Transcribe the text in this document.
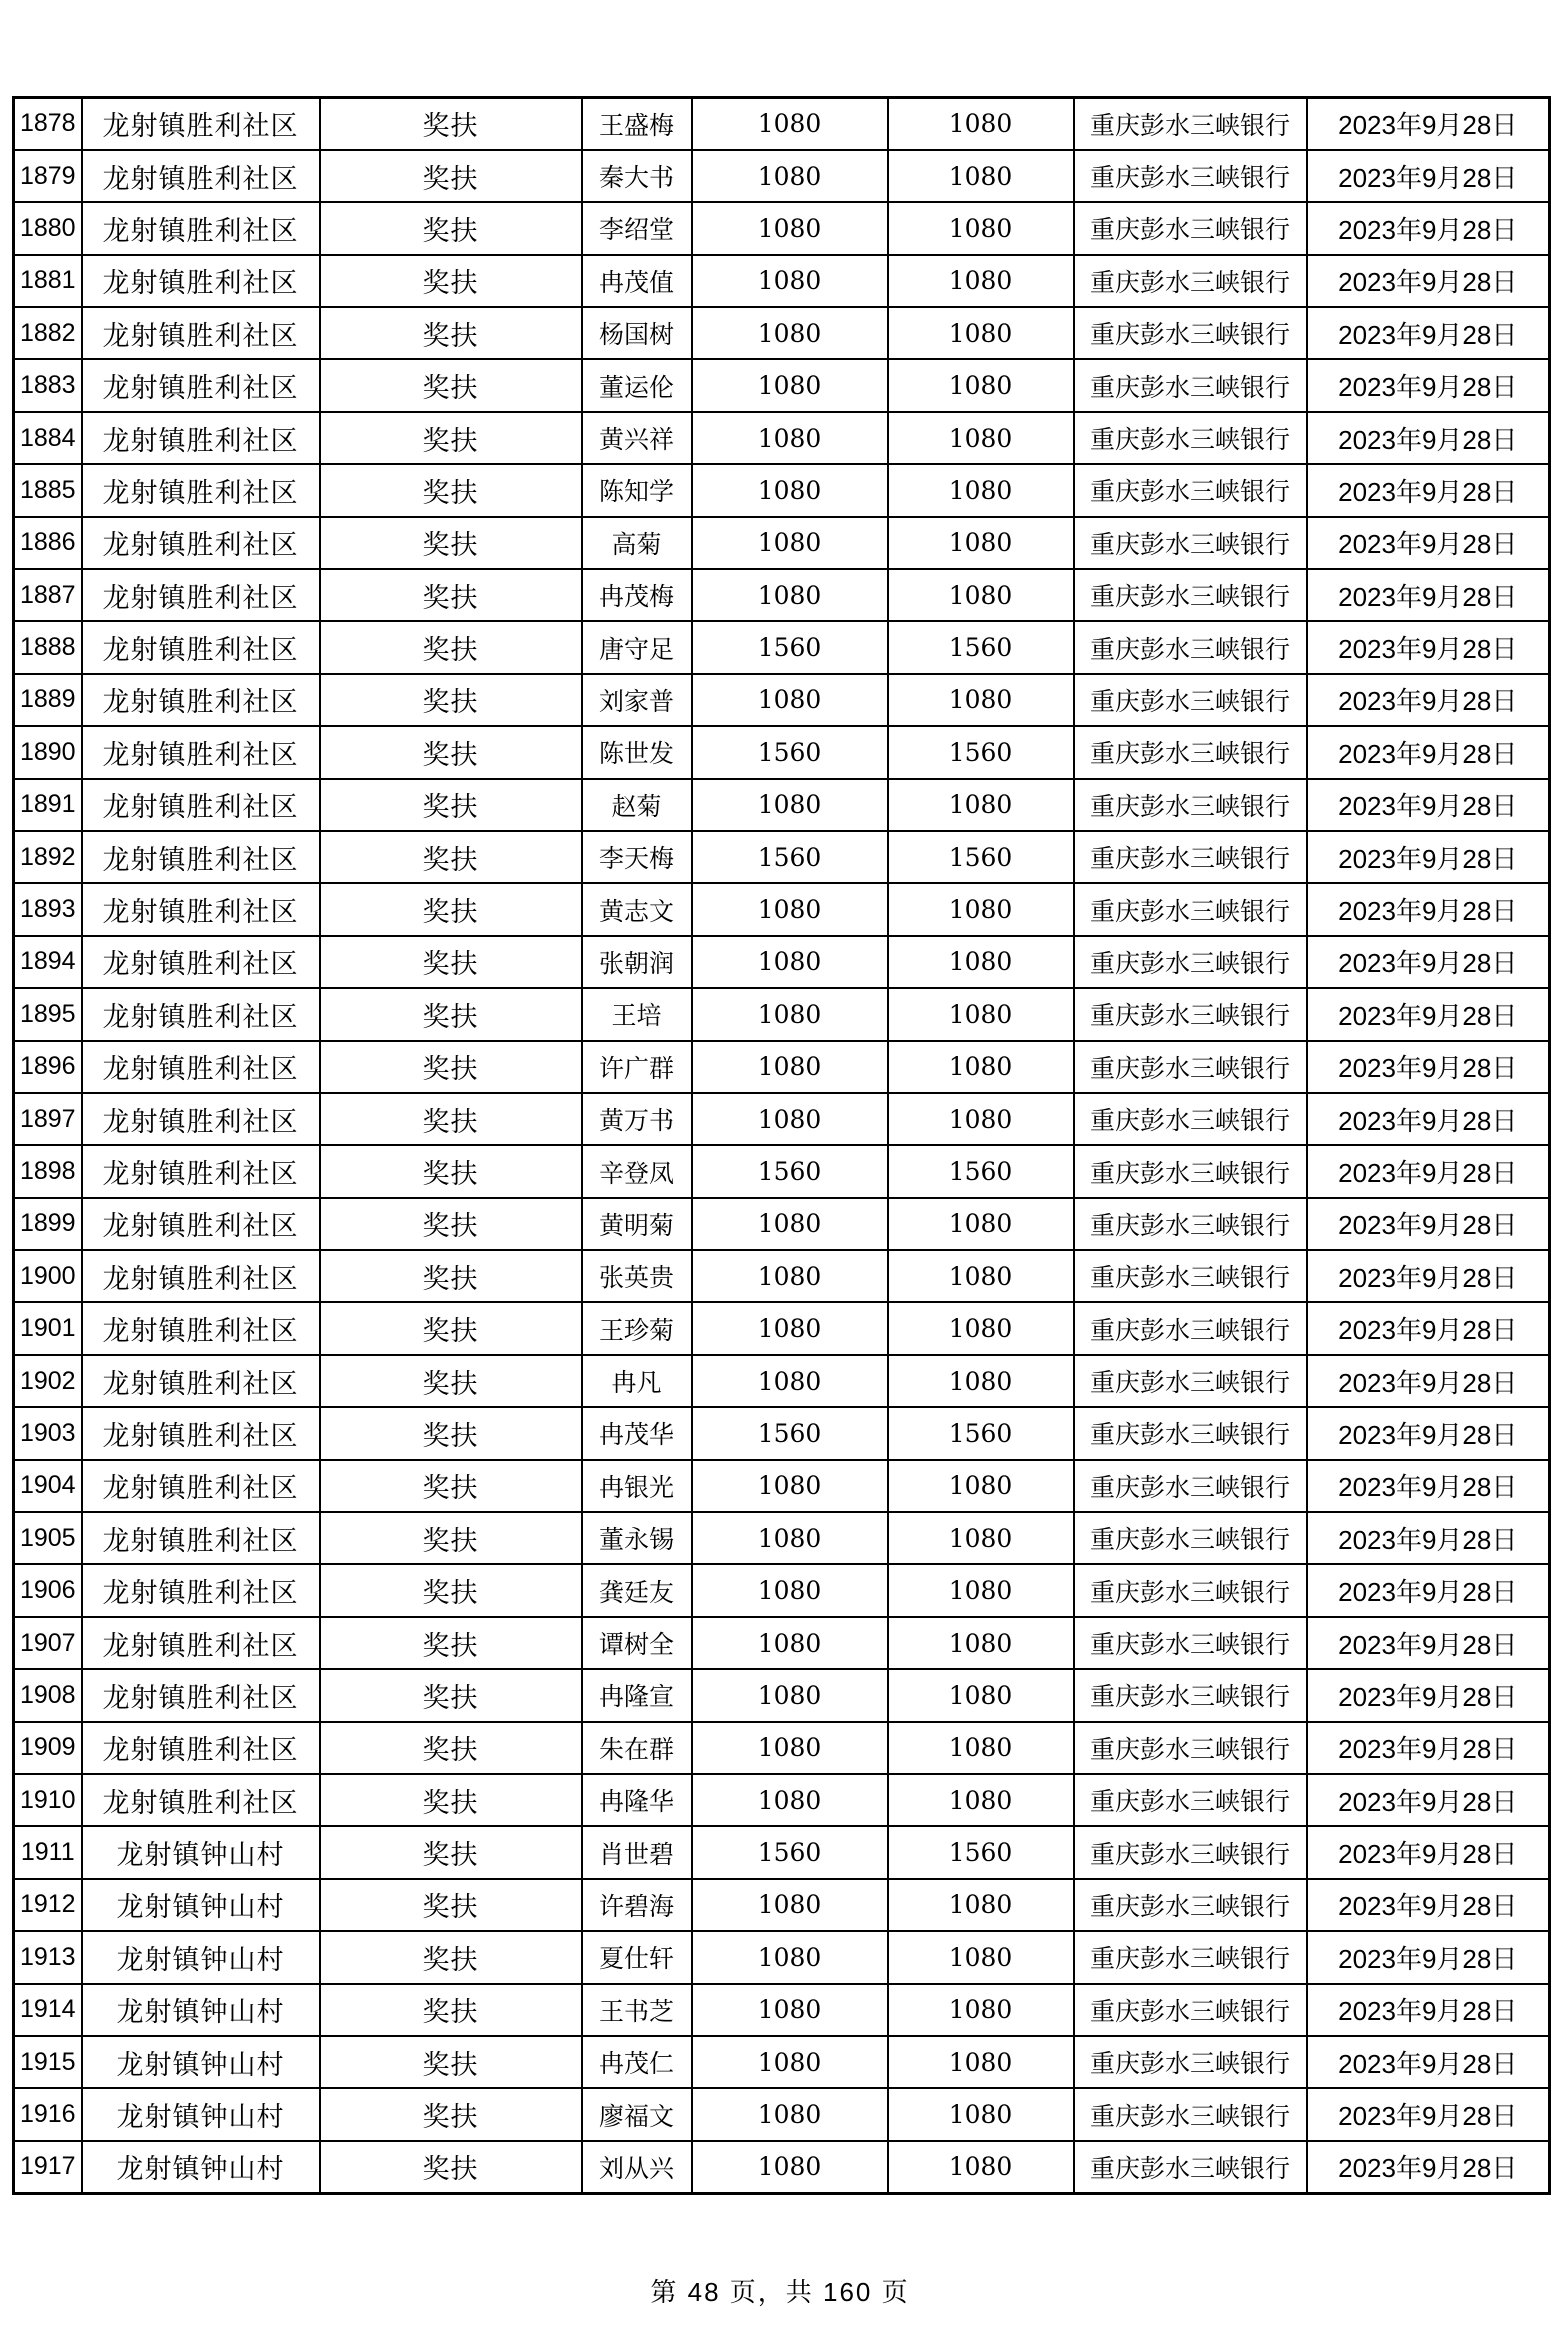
1878	龙射镇胜利社区	奖扶	王盛梅	1080	1080	重庆彭水三峡银行	2023年9月28日
1879	龙射镇胜利社区	奖扶	秦大书	1080	1080	重庆彭水三峡银行	2023年9月28日
1880	龙射镇胜利社区	奖扶	李绍堂	1080	1080	重庆彭水三峡银行	2023年9月28日
1881	龙射镇胜利社区	奖扶	冉茂值	1080	1080	重庆彭水三峡银行	2023年9月28日
1882	龙射镇胜利社区	奖扶	杨国树	1080	1080	重庆彭水三峡银行	2023年9月28日
1883	龙射镇胜利社区	奖扶	董运伦	1080	1080	重庆彭水三峡银行	2023年9月28日
1884	龙射镇胜利社区	奖扶	黄兴祥	1080	1080	重庆彭水三峡银行	2023年9月28日
1885	龙射镇胜利社区	奖扶	陈知学	1080	1080	重庆彭水三峡银行	2023年9月28日
1886	龙射镇胜利社区	奖扶	高菊	1080	1080	重庆彭水三峡银行	2023年9月28日
1887	龙射镇胜利社区	奖扶	冉茂梅	1080	1080	重庆彭水三峡银行	2023年9月28日
1888	龙射镇胜利社区	奖扶	唐守足	1560	1560	重庆彭水三峡银行	2023年9月28日
1889	龙射镇胜利社区	奖扶	刘家普	1080	1080	重庆彭水三峡银行	2023年9月28日
1890	龙射镇胜利社区	奖扶	陈世发	1560	1560	重庆彭水三峡银行	2023年9月28日
1891	龙射镇胜利社区	奖扶	赵菊	1080	1080	重庆彭水三峡银行	2023年9月28日
1892	龙射镇胜利社区	奖扶	李天梅	1560	1560	重庆彭水三峡银行	2023年9月28日
1893	龙射镇胜利社区	奖扶	黄志文	1080	1080	重庆彭水三峡银行	2023年9月28日
1894	龙射镇胜利社区	奖扶	张朝润	1080	1080	重庆彭水三峡银行	2023年9月28日
1895	龙射镇胜利社区	奖扶	王培	1080	1080	重庆彭水三峡银行	2023年9月28日
1896	龙射镇胜利社区	奖扶	许广群	1080	1080	重庆彭水三峡银行	2023年9月28日
1897	龙射镇胜利社区	奖扶	黄万书	1080	1080	重庆彭水三峡银行	2023年9月28日
1898	龙射镇胜利社区	奖扶	辛登凤	1560	1560	重庆彭水三峡银行	2023年9月28日
1899	龙射镇胜利社区	奖扶	黄明菊	1080	1080	重庆彭水三峡银行	2023年9月28日
1900	龙射镇胜利社区	奖扶	张英贵	1080	1080	重庆彭水三峡银行	2023年9月28日
1901	龙射镇胜利社区	奖扶	王珍菊	1080	1080	重庆彭水三峡银行	2023年9月28日
1902	龙射镇胜利社区	奖扶	冉凡	1080	1080	重庆彭水三峡银行	2023年9月28日
1903	龙射镇胜利社区	奖扶	冉茂华	1560	1560	重庆彭水三峡银行	2023年9月28日
1904	龙射镇胜利社区	奖扶	冉银光	1080	1080	重庆彭水三峡银行	2023年9月28日
1905	龙射镇胜利社区	奖扶	董永锡	1080	1080	重庆彭水三峡银行	2023年9月28日
1906	龙射镇胜利社区	奖扶	龚廷友	1080	1080	重庆彭水三峡银行	2023年9月28日
1907	龙射镇胜利社区	奖扶	谭树全	1080	1080	重庆彭水三峡银行	2023年9月28日
1908	龙射镇胜利社区	奖扶	冉隆宣	1080	1080	重庆彭水三峡银行	2023年9月28日
1909	龙射镇胜利社区	奖扶	朱在群	1080	1080	重庆彭水三峡银行	2023年9月28日
1910	龙射镇胜利社区	奖扶	冉隆华	1080	1080	重庆彭水三峡银行	2023年9月28日
1911	龙射镇钟山村	奖扶	肖世碧	1560	1560	重庆彭水三峡银行	2023年9月28日
1912	龙射镇钟山村	奖扶	许碧海	1080	1080	重庆彭水三峡银行	2023年9月28日
1913	龙射镇钟山村	奖扶	夏仕轩	1080	1080	重庆彭水三峡银行	2023年9月28日
1914	龙射镇钟山村	奖扶	王书芝	1080	1080	重庆彭水三峡银行	2023年9月28日
1915	龙射镇钟山村	奖扶	冉茂仁	1080	1080	重庆彭水三峡银行	2023年9月28日
1916	龙射镇钟山村	奖扶	廖福文	1080	1080	重庆彭水三峡银行	2023年9月28日
1917	龙射镇钟山村	奖扶	刘从兴	1080	1080	重庆彭水三峡银行	2023年9月28日
第 48 页，共 160 页
